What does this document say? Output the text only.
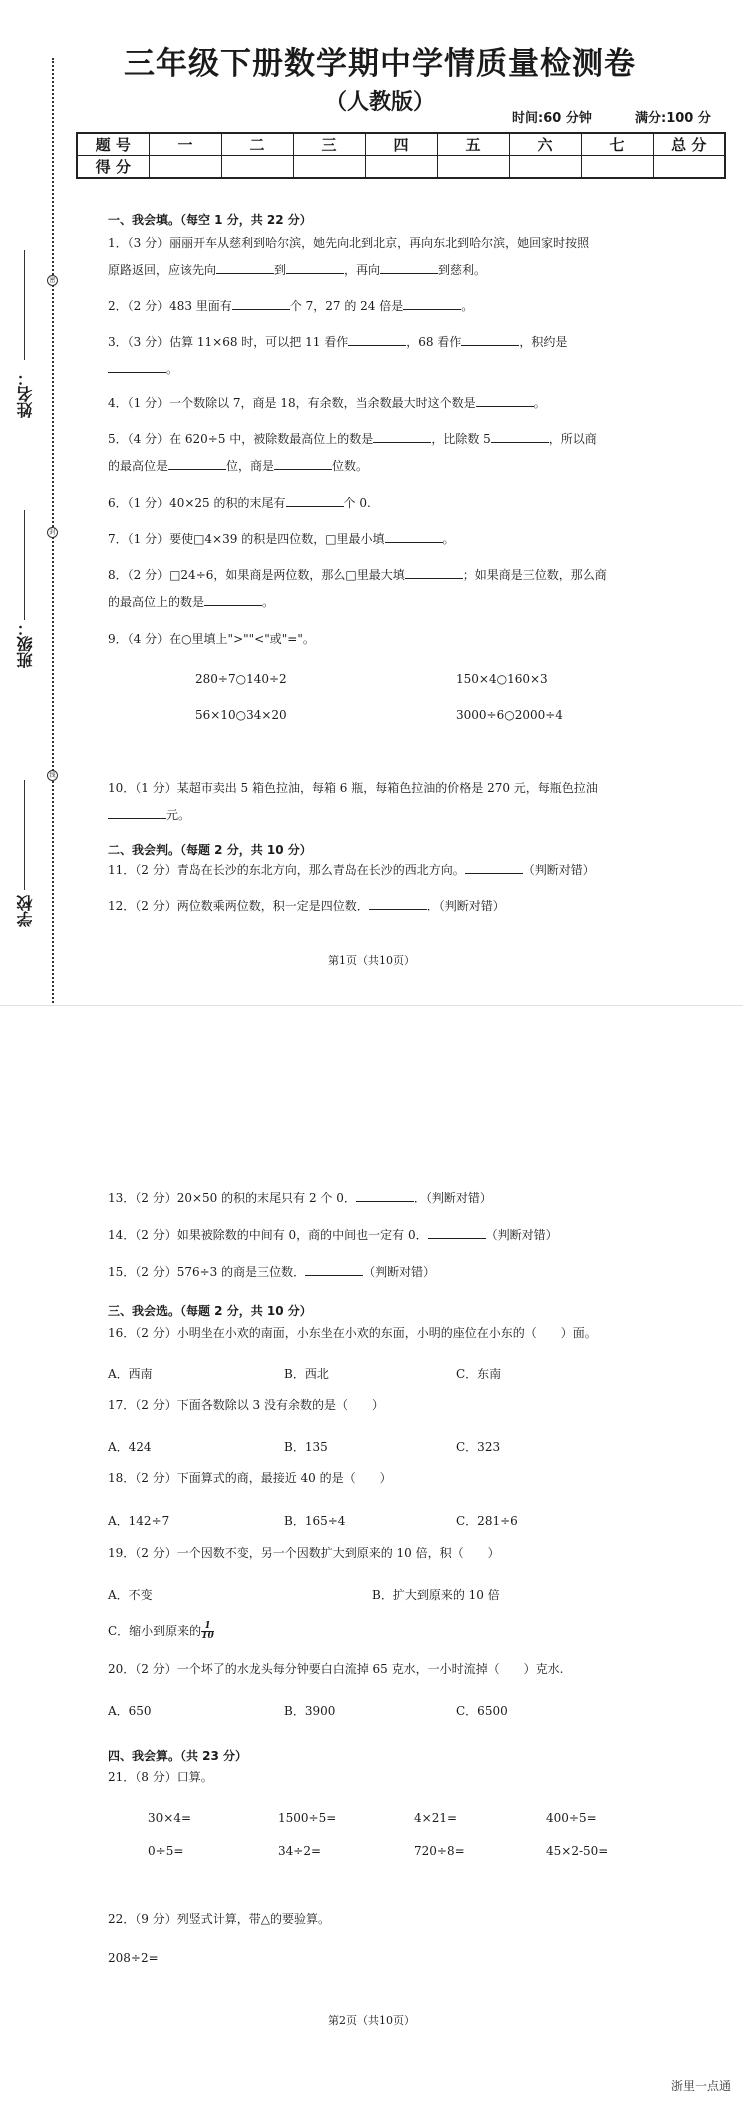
密
封
线
姓名：
班级：
学校
三年级下册数学期中学情质量检测卷
（人教版）
时间:60 分钟	满分:100 分
题 号	一	二	三	四	五	六	七	总 分
得 分								
一、我会填。（每空 1 分，共 22 分）
1．（3 分）丽丽开车从慈利到哈尔滨，她先向北到北京，再向东北到哈尔滨，她回家时按照
原路返回，应该先向	到	，再向	到慈利。
2．（2 分）483 里面有	个 7，27 的 24 倍是	。
3．（3 分）估算 11×68 时，可以把 11 看作	，68 看作	，积约是
。
4．（1 分）一个数除以 7，商是 18，有余数，当余数最大时这个数是	。
5．（4 分）在 620÷5 中，被除数最高位上的数是	，比除数 5	，所以商
的最高位是	位，商是	位数。
6．（1 分）40×25 的积的末尾有	个 0.
7．（1 分）要使□4×39 的积是四位数，□里最小填	。
8．（2 分）□24÷6，如果商是两位数，那么□里最大填	；如果商是三位数，那么商
的最高位上的数是	。
9．（4 分）在○里填上">""<"或"="。
280÷7○140÷2	150×4○160×3
56×10○34×20	3000÷6○2000÷4
10．（1 分）某超市卖出 5 箱色拉油，每箱 6 瓶，每箱色拉油的价格是 270 元，每瓶色拉油
元。
二、我会判。（每题 2 分，共 10 分）
11．（2 分）青岛在长沙的东北方向，那么青岛在长沙的西北方向。	（判断对错）
12．（2 分）两位数乘两位数，积一定是四位数．	．（判断对错）
第1页（共10页）
13．（2 分）20×50 的积的末尾只有 2 个 0．	．（判断对错）
14．（2 分）如果被除数的中间有 0，商的中间也一定有 0．	（判断对错）
15．（2 分）576÷3 的商是三位数．	（判断对错）
三、我会选。（每题 2 分，共 10 分）
16．（2 分）小明坐在小欢的南面，小东坐在小欢的东面，小明的座位在小东的（　　）面。
A．西南	B．西北	C．东南
17．（2 分）下面各数除以 3 没有余数的是（　　）
A．424	B．135	C．323
18．（2 分）下面算式的商，最接近 40 的是（　　）
A．142÷7	B．165÷4	C．281÷6
19．（2 分）一个因数不变，另一个因数扩大到原来的 10 倍，积（　　）
A．不变	B．扩大到原来的 10 倍
C．缩小到原来的 $\frac{1}{10}$
20．（2 分）一个坏了的水龙头每分钟要白白流掉 65 克水，一小时流掉（　　）克水.
A．650	B．3900	C．6500
四、我会算。（共 23 分）
21．（8 分）口算。
30×4=	1500÷5=	4×21=	400÷5=
0÷5=	34÷2=	720÷8=	45×2-50=
22．（9 分）列竖式计算，带△的要验算。
208÷2=
第2页（共10页）
浙里一点通
